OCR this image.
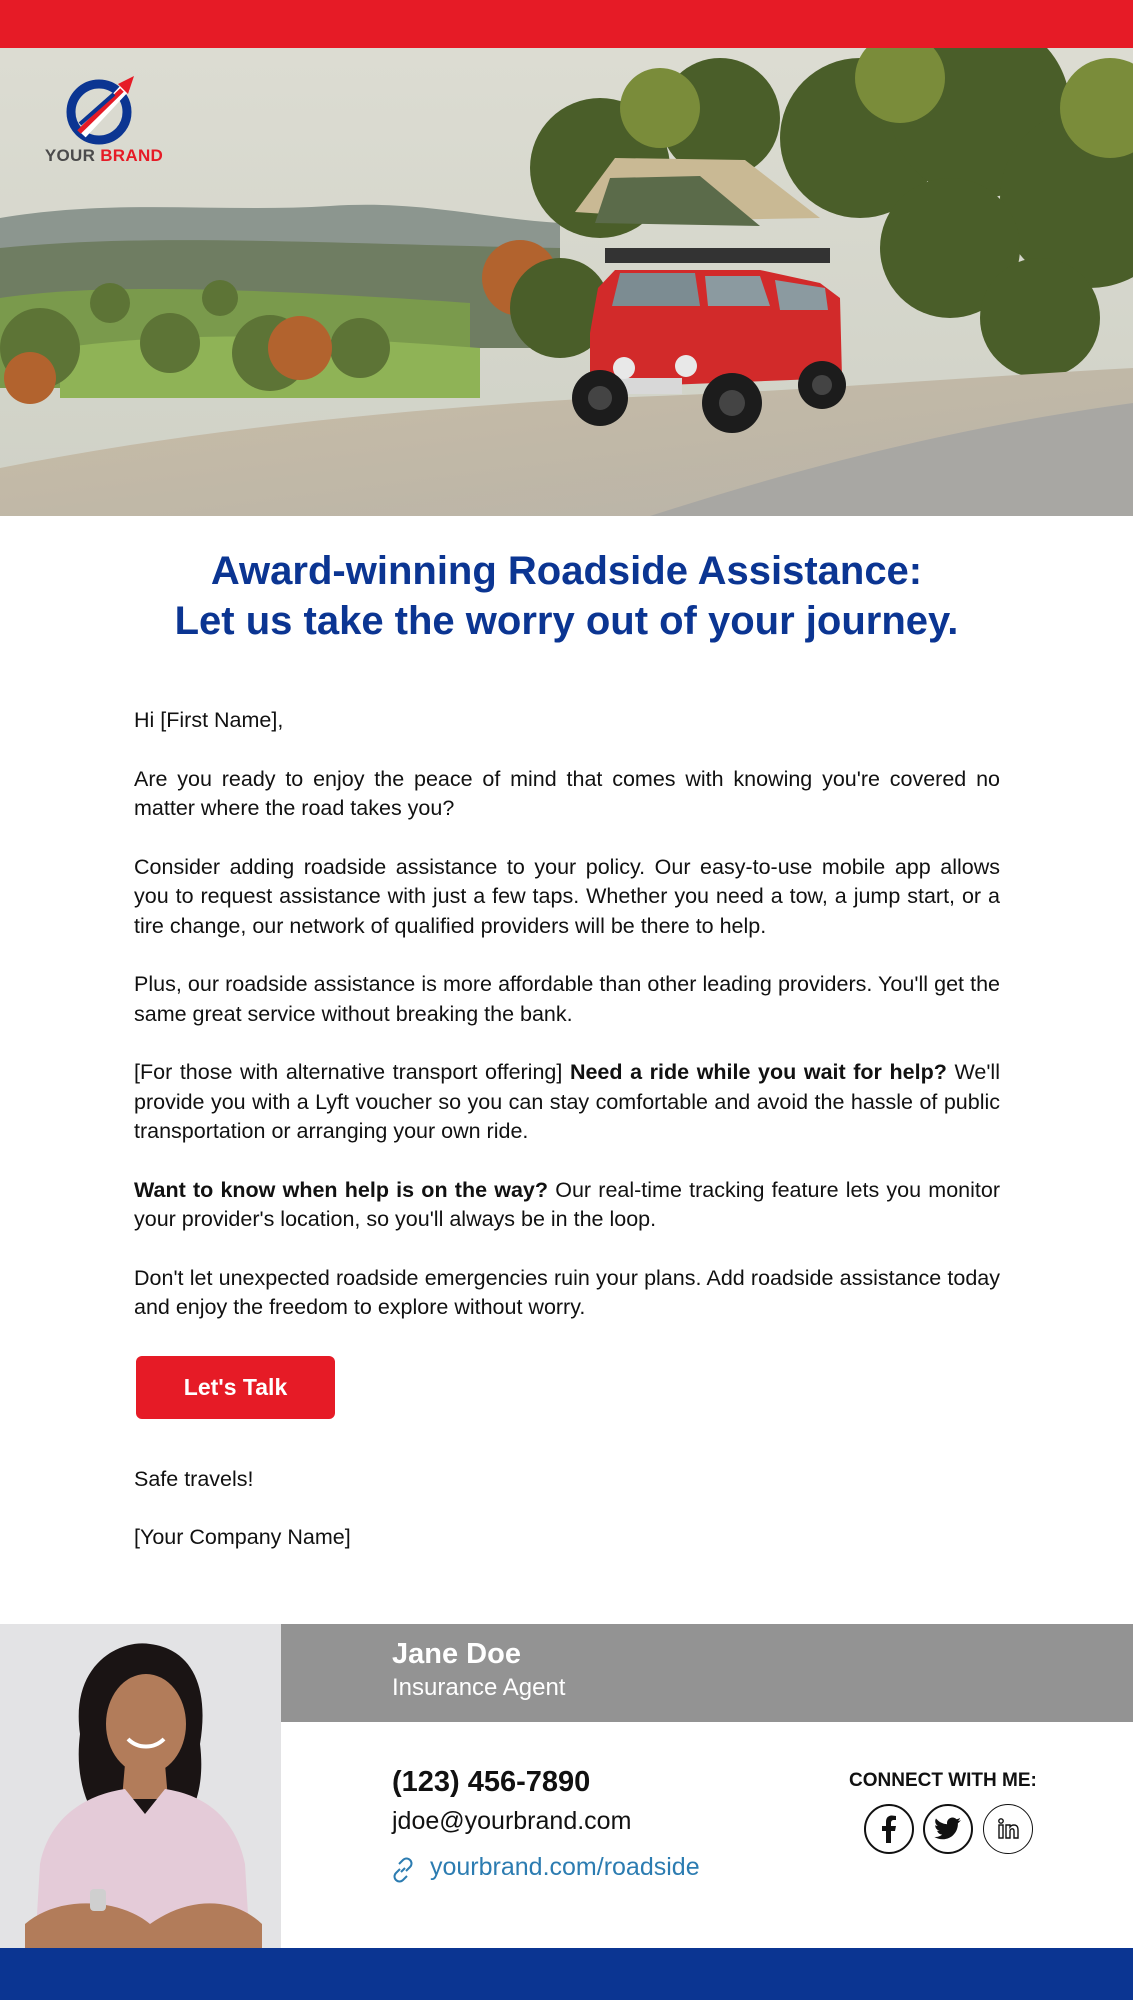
YOUR BRAND
Award-winning Roadside Assistance:
Let us take the worry out of your journey.

Hi [First Name],

Are you ready to enjoy the peace of mind that comes with knowing you're covered no matter where the road takes you?

Consider adding roadside assistance to your policy. Our easy-to-use mobile app allows you to request assistance with just a few taps. Whether you need a tow, a jump start, or a tire change, our network of qualified providers will be there to help.

Plus, our roadside assistance is more affordable than other leading providers. You'll get the same great service without breaking the bank.

[For those with alternative transport offering] Need a ride while you wait for help? We'll provide you with a Lyft voucher so you can stay comfortable and avoid the hassle of public transportation or arranging your own ride.

Want to know when help is on the way? Our real-time tracking feature lets you monitor your provider's location, so you'll always be in the loop.

Don't let unexpected roadside emergencies ruin your plans. Add roadside assistance today and enjoy the freedom to explore without worry.

Let's Talk
Safe travels!
[Your Company Name]
Jane Doe
Insurance Agent
(123) 456-7890
jdoe@yourbrand.com
yourbrand.com/roadside
CONNECT WITH ME:
